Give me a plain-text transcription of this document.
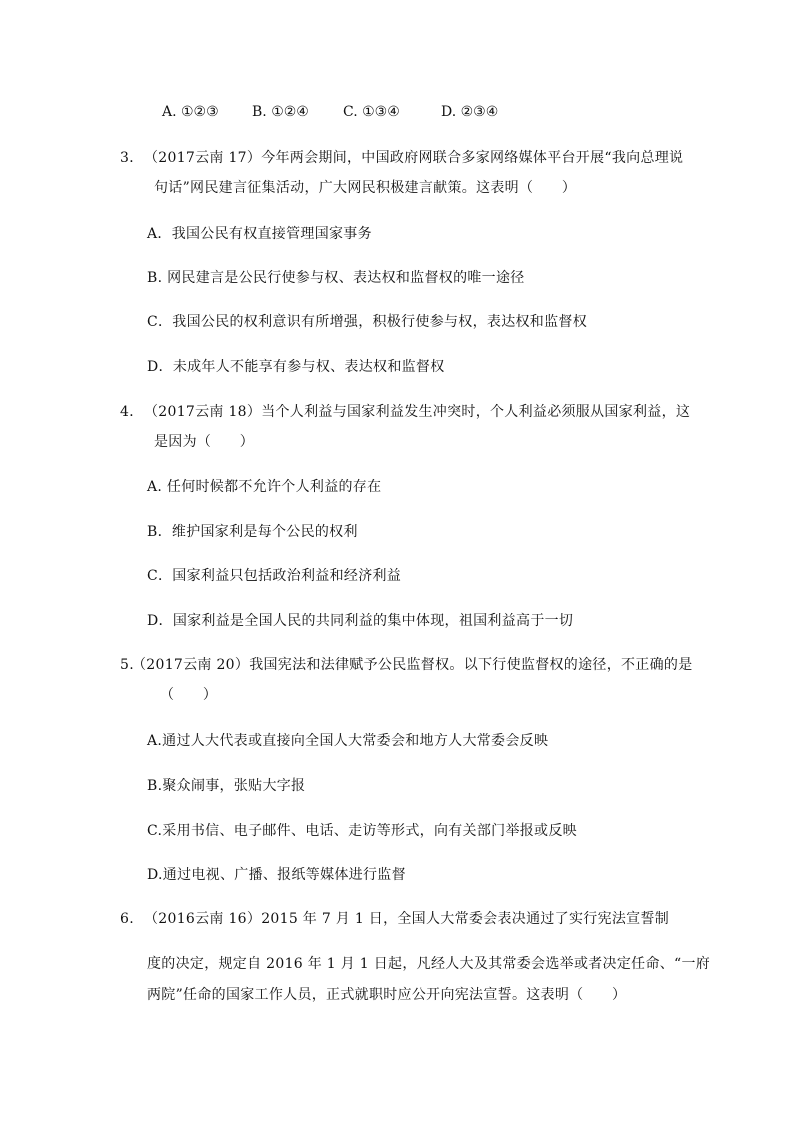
A. ①②③ B. ①②④ C. ①③④	D. ②③④
3． （2017云南 17）今年两会期间，中国政府网联合多家网络媒体平台开展“我向总理说
句话”网民建言征集活动，广大网民积极建言献策。这表明（　　）
A．我国公民有权直接管理国家事务
B. 网民建言是公民行使参与权、表达权和监督权的唯一途径
C．我国公民的权利意识有所增强，积极行使参与权，表达权和监督权
D．未成年人不能享有参与权、表达权和监督权
4． （2017云南 18）当个人利益与国家利益发生冲突时，个人利益必须服从国家利益，这
是因为（　　）
A. 任何时候都不允许个人利益的存在
B．维护国家利是每个公民的权利
C．国家利益只包括政治利益和经济利益
D．国家利益是全国人民的共同利益的集中体现，祖国利益高于一切
5.
（2017云南 20）我国宪法和法律赋予公民监督权。以下行使监督权的途径，不正确的是
（　　）
A.通过人大代表或直接向全国人大常委会和地方人大常委会反映
B.聚众闹事，张贴大字报
C.采用书信、电子邮件、电话、走访等形式，向有关部门举报或反映
D.通过电视、广播、报纸等媒体进行监督
6. （2016云南 16）2015 年 7 月 1 日，全国人大常委会表决通过了实行宪法宣誓制
度的决定，规定自 2016 年 1 月 1 日起，凡经人大及其常委会选举或者决定任命、“一府
两院”任命的国家工作人员，正式就职时应公开向宪法宣誓。这表明（　　）
